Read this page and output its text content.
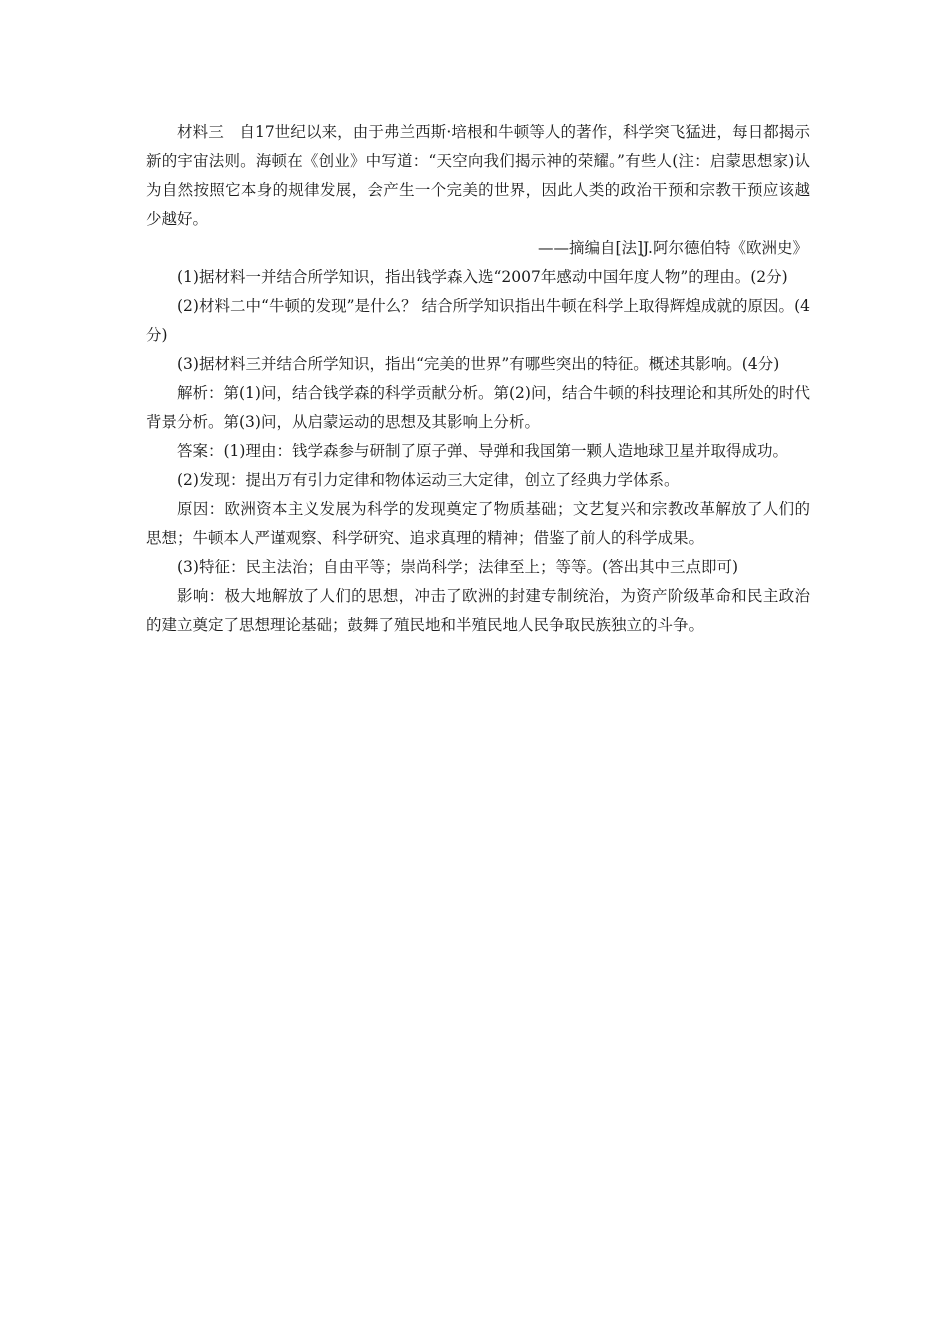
材料三　自17世纪以来，由于弗兰西斯·培根和牛顿等人的著作，科学突飞猛进，每日都揭示新的宇宙法则。海顿在《创业》中写道：“天空向我们揭示神的荣耀。”有些人(注：启蒙思想家)认为自然按照它本身的规律发展，会产生一个完美的世界，因此人类的政治干预和宗教干预应该越少越好。

——摘编自[法]J.阿尔德伯特《欧洲史》

(1)据材料一并结合所学知识，指出钱学森入选“2007年感动中国年度人物”的理由。(2分)

(2)材料二中“牛顿的发现”是什么？ 结合所学知识指出牛顿在科学上取得辉煌成就的原因。(4分)

(3)据材料三并结合所学知识，指出“完美的世界”有哪些突出的特征。概述其影响。(4分)

解析：第(1)问，结合钱学森的科学贡献分析。第(2)问，结合牛顿的科技理论和其所处的时代背景分析。第(3)问，从启蒙运动的思想及其影响上分析。

答案：(1)理由：钱学森参与研制了原子弹、导弹和我国第一颗人造地球卫星并取得成功。

(2)发现：提出万有引力定律和物体运动三大定律，创立了经典力学体系。

原因：欧洲资本主义发展为科学的发现奠定了物质基础；文艺复兴和宗教改革解放了人们的思想；牛顿本人严谨观察、科学研究、追求真理的精神；借鉴了前人的科学成果。

(3)特征：民主法治；自由平等；崇尚科学；法律至上；等等。(答出其中三点即可)

影响：极大地解放了人们的思想，冲击了欧洲的封建专制统治，为资产阶级革命和民主政治的建立奠定了思想理论基础；鼓舞了殖民地和半殖民地人民争取民族独立的斗争。
